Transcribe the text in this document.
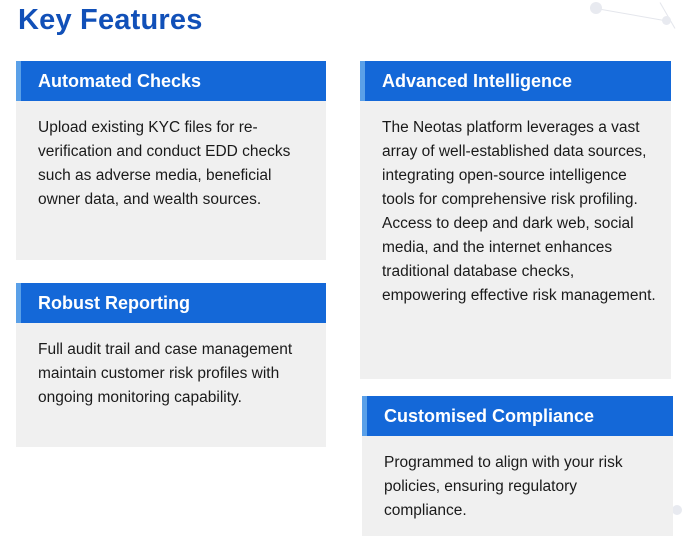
Key Features
Automated Checks
Upload existing KYC files for re-verification and conduct EDD checks such as adverse media, beneficial owner data, and wealth sources.
Robust Reporting
Full audit trail and case management maintain customer risk profiles with ongoing monitoring capability.
Advanced Intelligence
The Neotas platform leverages a vast array of well-established data sources, integrating open-source intelligence tools for comprehensive risk profiling. Access to deep and dark web, social media, and the internet enhances traditional database checks, empowering effective risk management.
Customised Compliance
Programmed to align with your risk policies, ensuring regulatory compliance.
